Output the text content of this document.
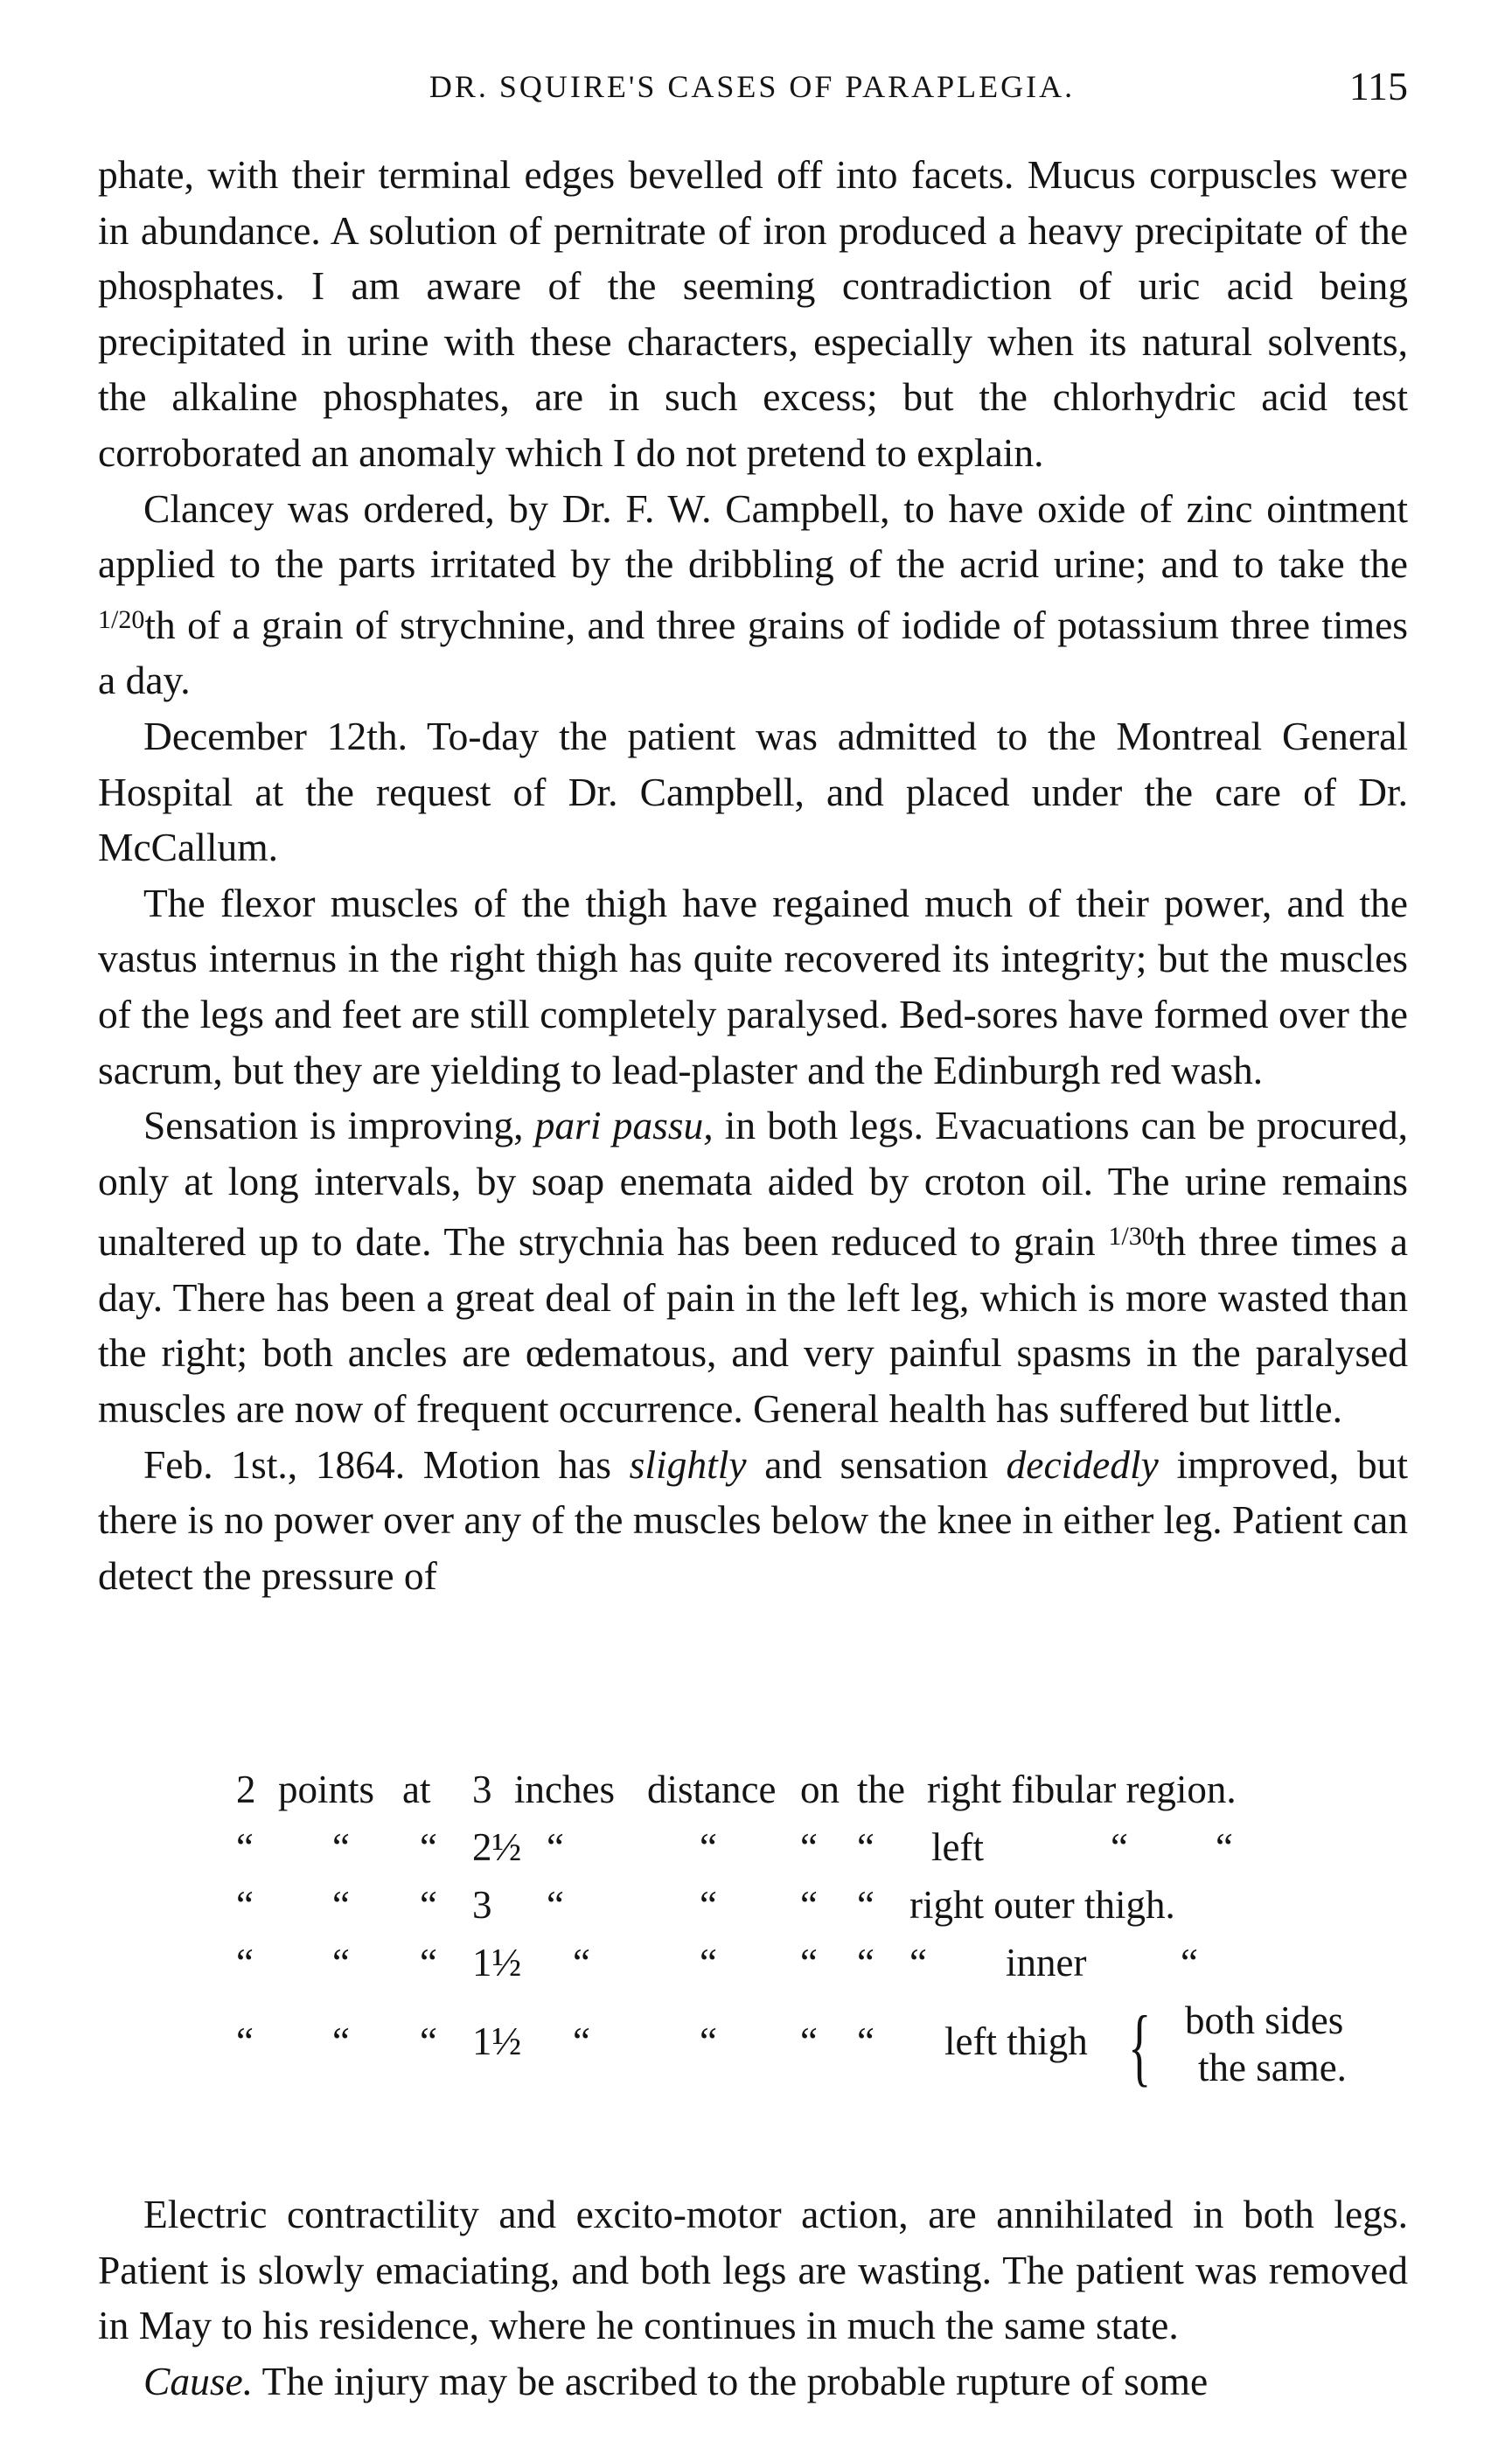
DR. SQUIRE'S CASES OF PARAPLEGIA.	115

phate, with their terminal edges bevelled off into facets. Mucus corpuscles were in abundance. A solution of pernitrate of iron produced a heavy precipitate of the phosphates. I am aware of the seeming contradiction of uric acid being precipitated in urine with these characters, especially when its natural solvents, the alkaline phosphates, are in such excess; but the chlorhydric acid test corroborated an anomaly which I do not pretend to explain.

Clancey was ordered, by Dr. F. W. Campbell, to have oxide of zinc ointment applied to the parts irritated by the dribbling of the acrid urine; and to take the $^{1/20}$th of a grain of strychnine, and three grains of iodide of potassium three times a day.

December 12th. To-day the patient was admitted to the Montreal General Hospital at the request of Dr. Campbell, and placed under the care of Dr. McCallum.

The flexor muscles of the thigh have regained much of their power, and the vastus internus in the right thigh has quite recovered its integrity; but the muscles of the legs and feet are still completely paralysed. Bed-sores have formed over the sacrum, but they are yielding to lead-plaster and the Edinburgh red wash.

Sensation is improving, pari passu, in both legs. Evacuations can be procured, only at long intervals, by soap enemata aided by croton oil. The urine remains unaltered up to date. The strychnia has been reduced to grain $^{1/30}$th three times a day. There has been a great deal of pain in the left leg, which is more wasted than the right; both ancles are œdematous, and very painful spasms in the paralysed muscles are now of frequent occurrence. General health has suffered but little.

Feb. 1st., 1864. Motion has slightly and sensation decidedly improved, but there is no power over any of the muscles below the knee in either leg. Patient can detect the pressure of

2 points at 3 inches distance on the right fibular region.
“ “ “ 2½ “	“ “ “ left	“ “
“ “ “ 3 “	“ “ “ right outer thigh.
“ “ “ 1½ “	“ “ “ “ inner “
“ “ “ 1½ “	“ “ “ left thigh { both sides
the same.

Electric contractility and excito-motor action, are annihilated in both legs. Patient is slowly emaciating, and both legs are wasting. The patient was removed in May to his residence, where he continues in much the same state.

Cause. The injury may be ascribed to the probable rupture of some
